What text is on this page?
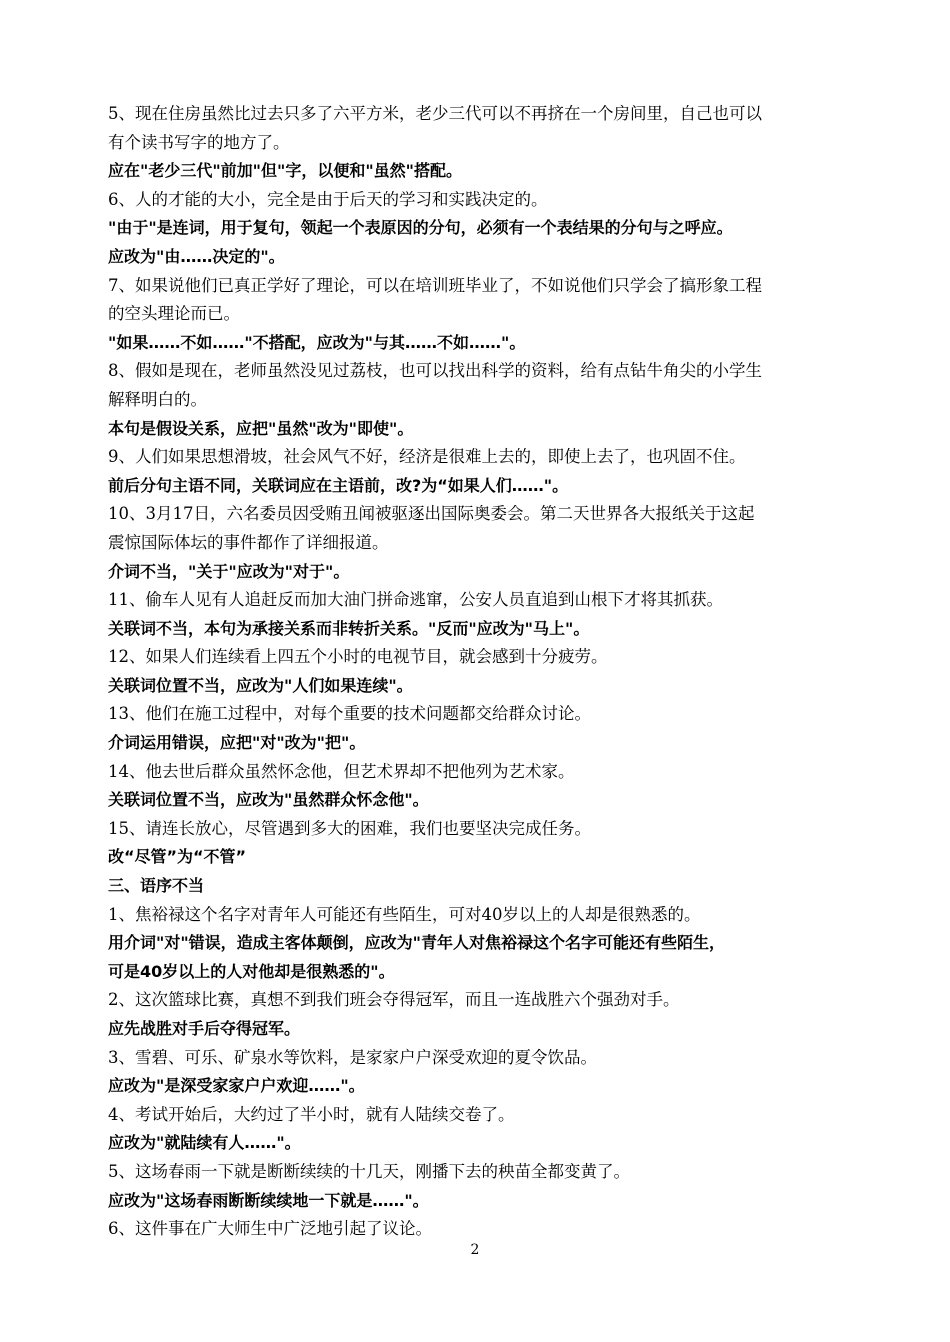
5、现在住房虽然比过去只多了六平方米，老少三代可以不再挤在一个房间里，自己也可以
有个读书写字的地方了。
应在"老少三代"前加"但"字，以便和"虽然"搭配。
6、人的才能的大小，完全是由于后天的学习和实践决定的。
"由于"是连词，用于复句，领起一个表原因的分句，必须有一个表结果的分句与之呼应。
应改为"由……决定的"。
7、如果说他们已真正学好了理论，可以在培训班毕业了，不如说他们只学会了搞形象工程
的空头理论而已。
"如果……不如……"不搭配，应改为"与其……不如……"。
8、假如是现在，老师虽然没见过荔枝，也可以找出科学的资料，给有点钻牛角尖的小学生
解释明白的。
本句是假设关系，应把"虽然"改为"即使"。
9、人们如果思想滑坡，社会风气不好，经济是很难上去的，即使上去了，也巩固不住。
前后分句主语不同，关联词应在主语前，改?为“如果人们……"。
10、3月17日，六名委员因受贿丑闻被驱逐出国际奥委会。第二天世界各大报纸关于这起
震惊国际体坛的事件都作了详细报道。
介词不当，"关于"应改为"对于"。
11、偷车人见有人追赶反而加大油门拼命逃窜，公安人员直追到山根下才将其抓获。
关联词不当，本句为承接关系而非转折关系。"反而"应改为"马上"。
12、如果人们连续看上四五个小时的电视节目，就会感到十分疲劳。
关联词位置不当，应改为"人们如果连续"。
13、他们在施工过程中，对每个重要的技术问题都交给群众讨论。
介词运用错误，应把"对"改为"把"。
14、他去世后群众虽然怀念他，但艺术界却不把他列为艺术家。
关联词位置不当，应改为"虽然群众怀念他"。
15、请连长放心，尽管遇到多大的困难，我们也要坚决完成任务。
改“尽管”为“不管”
三、语序不当
1、焦裕禄这个名字对青年人可能还有些陌生，可对40岁以上的人却是很熟悉的。
用介词"对"错误，造成主客体颠倒，应改为"青年人对焦裕禄这个名字可能还有些陌生，
可是40岁以上的人对他却是很熟悉的"。
2、这次篮球比赛，真想不到我们班会夺得冠军，而且一连战胜六个强劲对手。
应先战胜对手后夺得冠军。
3、雪碧、可乐、矿泉水等饮料，是家家户户深受欢迎的夏令饮品。
应改为"是深受家家户户欢迎……"。
4、考试开始后，大约过了半小时，就有人陆续交卷了。
应改为"就陆续有人……"。
5、这场春雨一下就是断断续续的十几天，刚播下去的秧苗全都变黄了。
应改为"这场春雨断断续续地一下就是……"。
6、这件事在广大师生中广泛地引起了议论。
2
